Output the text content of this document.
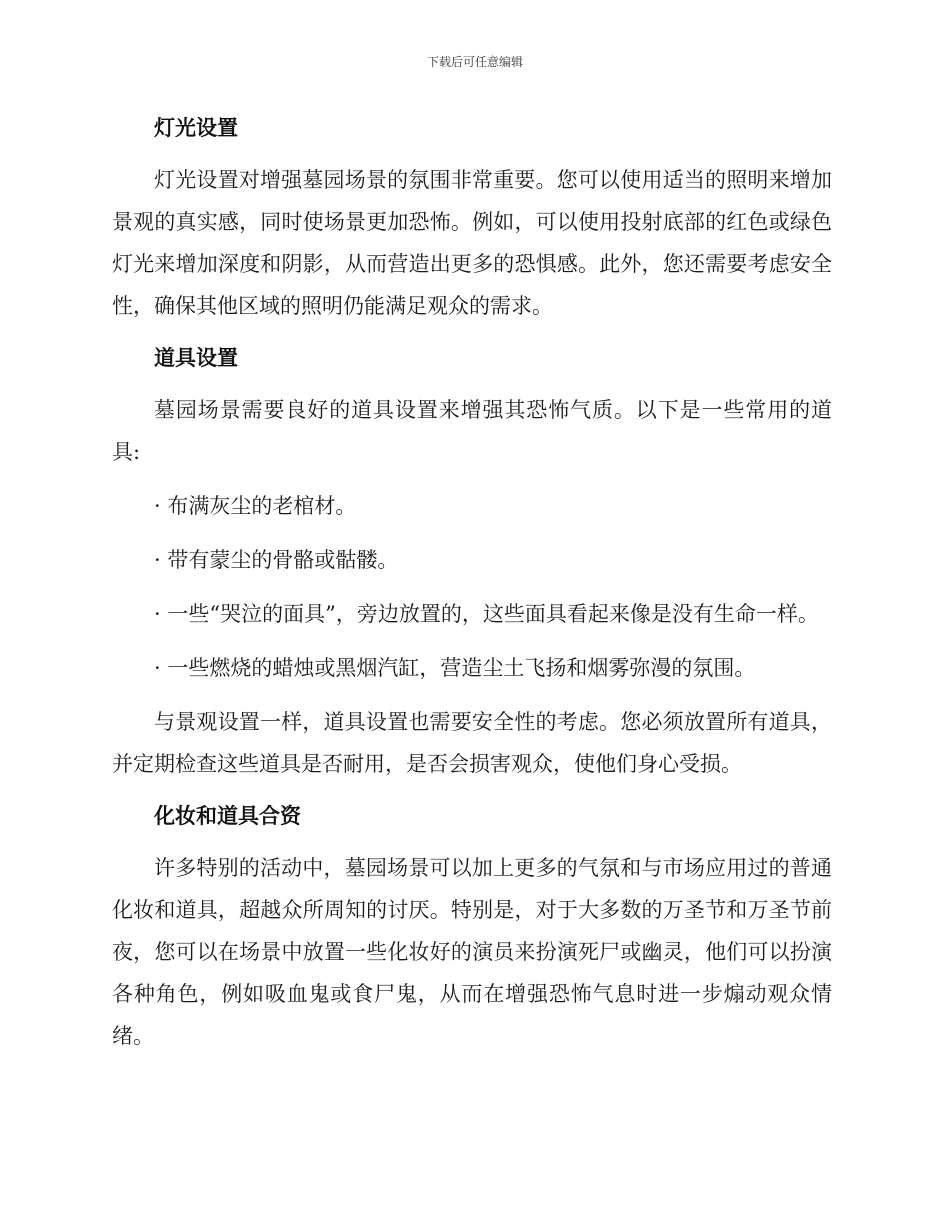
下载后可任意编辑
灯光设置

灯光设置对增强墓园场景的氛围非常重要。您可以使用适当的照明来增加景观的真实感，同时使场景更加恐怖。例如，可以使用投射底部的红色或绿色灯光来增加深度和阴影，从而营造出更多的恐惧感。此外，您还需要考虑安全性，确保其他区域的照明仍能满足观众的需求。

道具设置

墓园场景需要良好的道具设置来增强其恐怖气质。以下是一些常用的道具:

· 布满灰尘的老棺材。

· 带有蒙尘的骨骼或骷髅。

· 一些“哭泣的面具”，旁边放置的，这些面具看起来像是没有生命一样。

· 一些燃烧的蜡烛或黑烟汽缸，营造尘土飞扬和烟雾弥漫的氛围。

与景观设置一样，道具设置也需要安全性的考虑。您必须放置所有道具，并定期检查这些道具是否耐用，是否会损害观众，使他们身心受损。

化妆和道具合资

许多特别的活动中，墓园场景可以加上更多的气氛和与市场应用过的普通化妆和道具，超越众所周知的讨厌。特别是，对于大多数的万圣节和万圣节前夜，您可以在场景中放置一些化妆好的演员来扮演死尸或幽灵，他们可以扮演各种角色，例如吸血鬼或食尸鬼，从而在增强恐怖气息时进一步煽动观众情绪。
